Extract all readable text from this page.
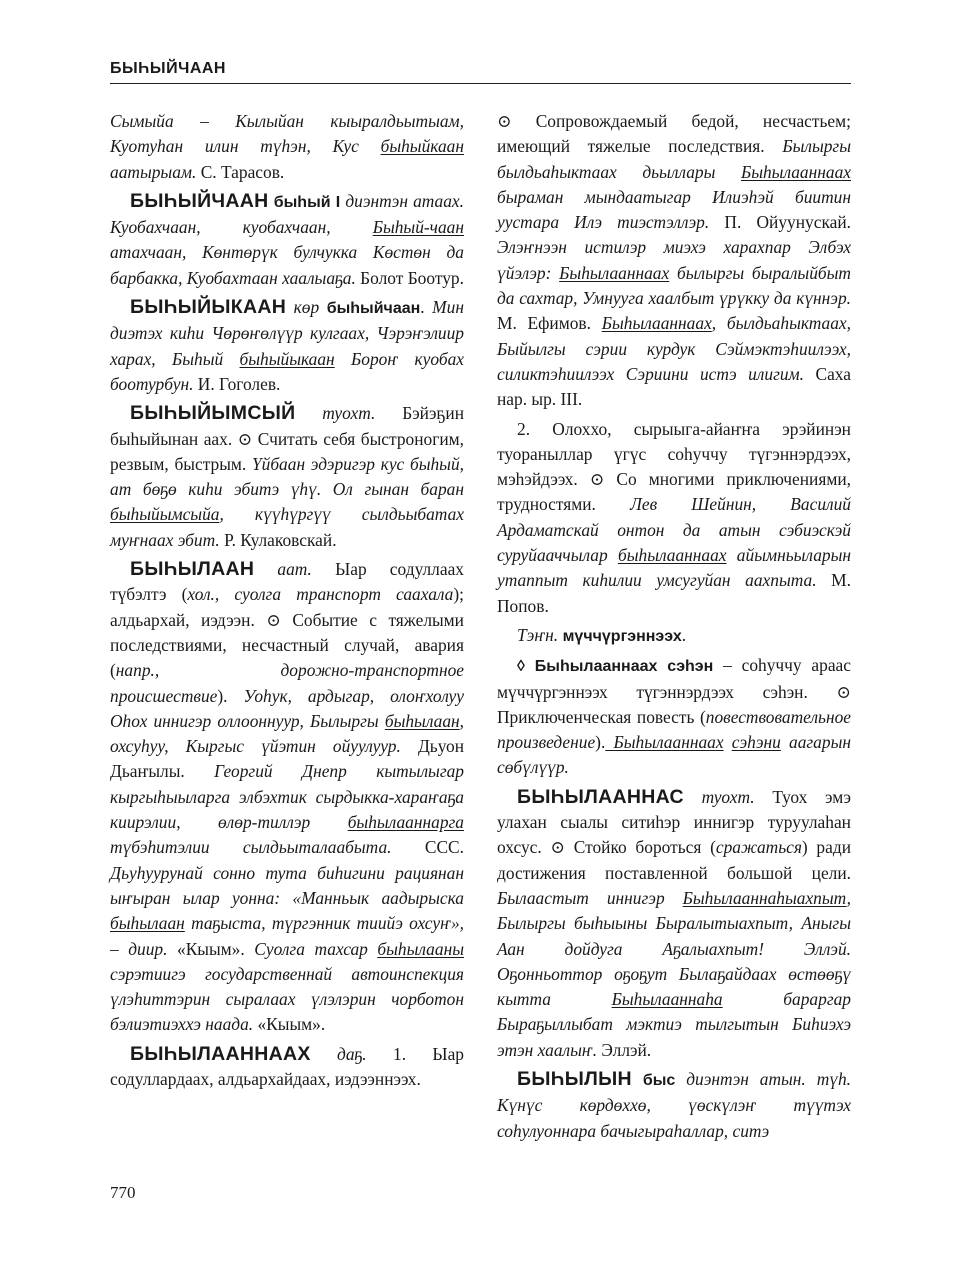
БЫҺЫЙЧААН

Сымыйа – Кылыйан кыыралдьытыам, Куотуһан илин түһэн, Кус быһыйкаан аатырыам. С. Тарасов.

БЫҺЫЙЧААН быһый I диэнтэн атаах. Куобахчаан, куобахчаан, Быһый-чаан атахчаан, Көнтөрүк булчукка Көстөн да барбакка, Куобахтаан хаалыаҕа. Болот Боотур.

БЫҺЫЙЫКААН көр быһыйчаан. Мин диэтэх киһи Чөрөҥөлүүр кулгаах, Чэрэҥэлиир харах, Быһый быһыйыкаан Бороҥ куобах боотурбун. И. Гоголев.

БЫҺЫЙЫМСЫЙ туохт. Бэйэҕин быһыйынан аах. ⊙ Считать себя быстроногим, резвым, быстрым. Үйбаан эдэригэр кус быһый, ат бөҕө киһи эбитэ үһү. Ол гынан баран быһыйымсыйа, күүһүргүү сылдьыбатах муҥнаах эбит. Р. Кулаковскай.

БЫҺЫЛААН аат. Ыар содуллаах түбэлтэ (хол., суолга транспорт саахала); алдьархай, иэдээн. ⊙ Событие с тяжелыми последствиями, несчастный случай, авария (напр., дорожно-транспортное происшествие). Уоһук, ардыгар, олоҥхолуу Оһох иннигэр оллооннуур, Былыргы быһылаан, охсуһуу, Кыргыс үйэтин ойуулуур. Дьуон Дьаҥылы. Георгий Днепр кытылыгар кыргыһыыларга элбэхтик сырдыкка-хараҥаҕа киирэлии, өлөр-тиллэр быһылааннарга түбэһитэлии сылдьыталаабыта. ССС. Дьуһуурунай сонно тута биһигини рациянан ыҥыран ылар уонна: «Манньык аадырыска быһылаан таҕыста, түргэнник тиийэ охсуҥ», – диир. «Кыым». Суолга тахсар быһылааны сэрэтиигэ государственнай автоинспекция үлэһиттэрин сыралаах үлэлэрин чорботон бэлиэтиэххэ наада. «Кыым».

БЫҺЫЛААННААХ даҕ. 1. Ыар содуллардаах, алдьархайдаах, иэдээннээх.

⊙ Сопровождаемый бедой, несчастьем; имеющий тяжелые последствия. Былыргы былдьаһыктаах дьыллары Быһылааннаах быраман мындаатыгар Илиэһэй биитин уустара Илэ тиэстэллэр. П. Ойуунускай. Элэҥнээн истилэр миэхэ харахпар Элбэх үйэлэр: Быһылааннаах былыргы быралыйбыт да сахтар, Умнууга хаалбыт үрүкку да күннэр. М. Ефимов. Быһылааннаах, былдьаһыктаах, Быйылгы сэрии курдук Сэймэктэһиилээх, силиктэһиилээх Сэриини истэ илигим. Саха нар. ыр. III.

2. Олоххо, сырыыга-айаҥҥа эрэйинэн туораныллар үгүс соһуччу түгэннэрдээх, мэһэйдээх. ⊙ Со многими приключениями, трудностями. Лев Шейнин, Василий Ардаматскай онтон да атын сэбиэскэй суруйааччылар быһылааннаах айымньыларын утаппыт киһилии умсугуйан аахпыта. М. Попов.

Тэҥн. мүччүргэннээх.

◊ Быһылааннаах сэһэн – соһуччу араас мүччүргэннээх түгэннэрдээх сэһэн. ⊙ Приключенческая повесть (повествовательное произведение). Быһылааннаах сэһэни аагарын сөбүлүүр.

БЫҺЫЛААННАС туохт. Туох эмэ улахан сыалы ситиһэр иннигэр туруулаһан охсус. ⊙ Стойко бороться (сражаться) ради достижения поставленной большой цели. Былаастыт иннигэр Быһылааннаһыахпыт, Былыргы быһыыны Быралытыахпыт, Аныгы Аан дойдуга Аҕалыахпыт! Эллэй. Оҕонньоттор оҕоҕут Былаҕайдаах өстөөҕү кытта Быһылааннаһа бараргар Быраҕыллыбат мэктиэ тылгытын Биһиэхэ этэн хаалыҥ. Эллэй.

БЫҺЫЛЫН быс диэнтэн атын. түһ. Күнүс көрдөххө, үөскүлэҥ түүтэх соһулуоннара бачыгыраһаллар, ситэ

770
